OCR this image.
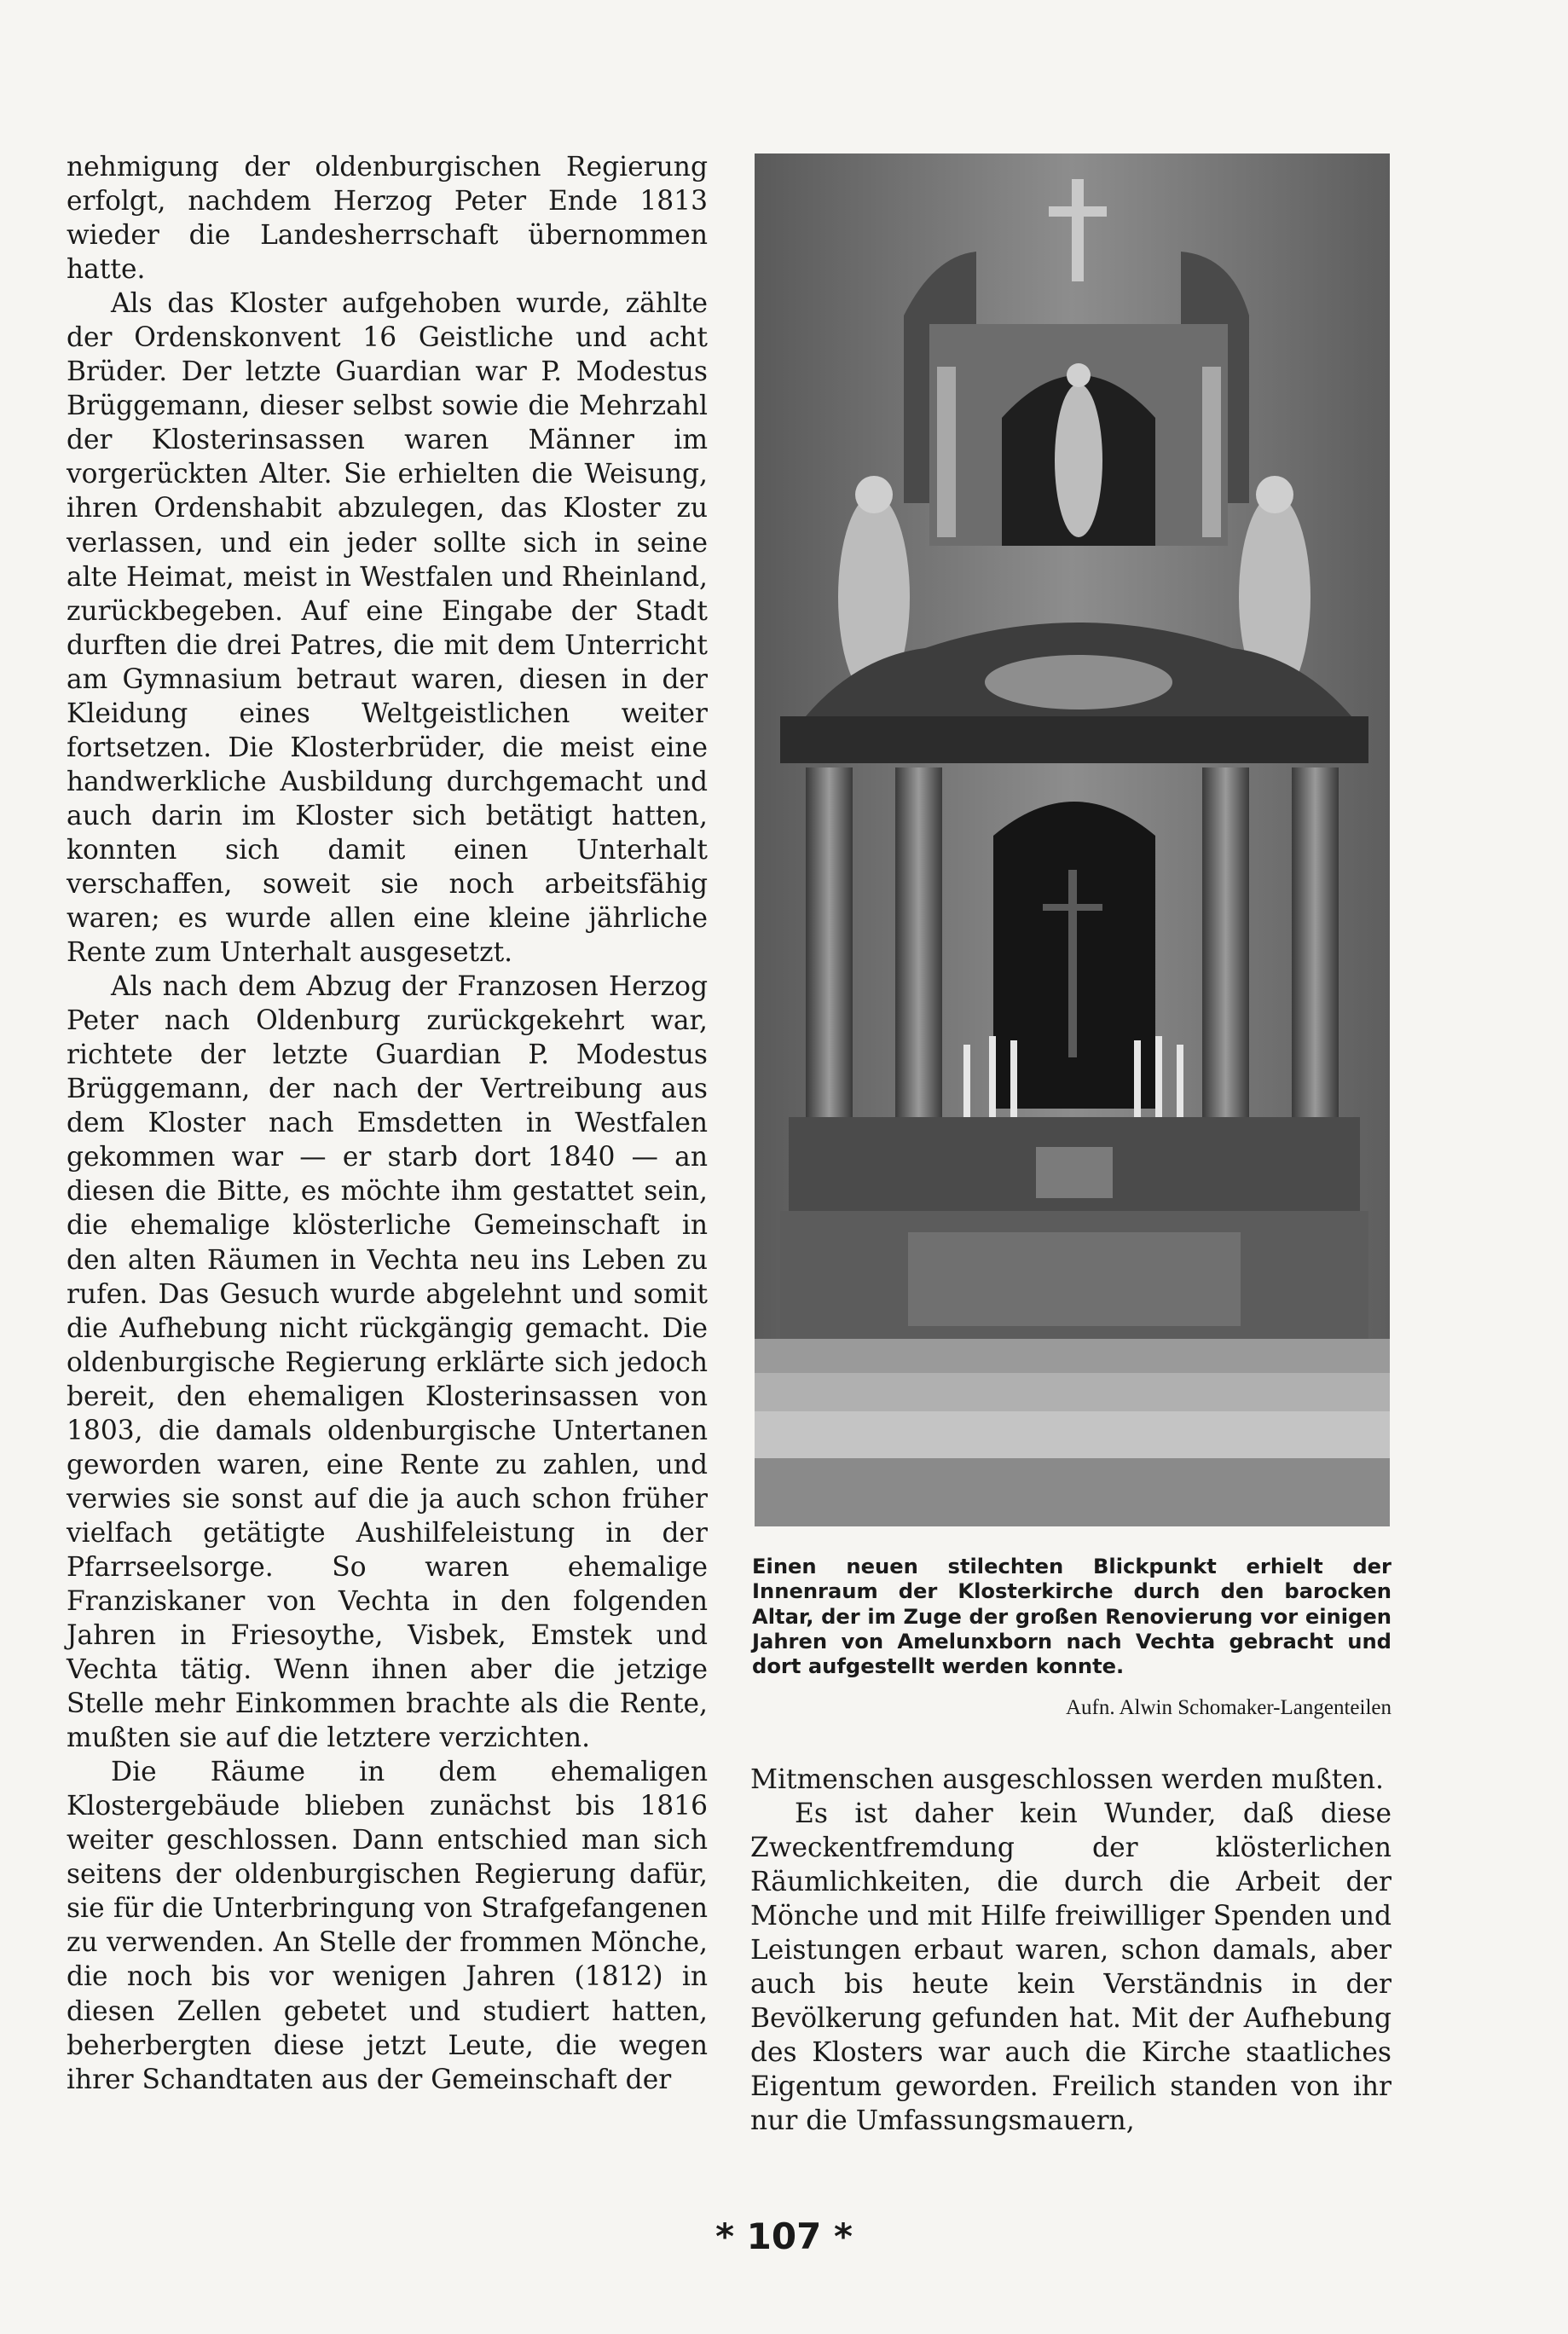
nehmigung der oldenburgischen Regierung erfolgt, nachdem Herzog Peter Ende 1813 wieder die Landesherrschaft übernommen hatte.

Als das Kloster aufgehoben wurde, zählte der Ordenskonvent 16 Geistliche und acht Brüder. Der letzte Guardian war P. Modestus Brüggemann, dieser selbst sowie die Mehrzahl der Klosterinsassen waren Männer im vorgerückten Alter. Sie erhielten die Weisung, ihren Ordenshabit abzulegen, das Kloster zu verlassen, und ein jeder sollte sich in seine alte Heimat, meist in Westfalen und Rheinland, zurückbegeben. Auf eine Eingabe der Stadt durften die drei Patres, die mit dem Unterricht am Gymnasium betraut waren, diesen in der Kleidung eines Weltgeistlichen weiter fortsetzen. Die Klosterbrüder, die meist eine handwerkliche Ausbildung durchgemacht und auch darin im Kloster sich betätigt hatten, konnten sich damit einen Unterhalt verschaffen, soweit sie noch arbeitsfähig waren; es wurde allen eine kleine jährliche Rente zum Unterhalt ausgesetzt.

Als nach dem Abzug der Franzosen Herzog Peter nach Oldenburg zurückgekehrt war, richtete der letzte Guardian P. Modestus Brüggemann, der nach der Vertreibung aus dem Kloster nach Emsdetten in Westfalen gekommen war — er starb dort 1840 — an diesen die Bitte, es möchte ihm gestattet sein, die ehemalige klösterliche Gemeinschaft in den alten Räumen in Vechta neu ins Leben zu rufen. Das Gesuch wurde abgelehnt und somit die Aufhebung nicht rückgängig gemacht. Die oldenburgische Regierung erklärte sich jedoch bereit, den ehemaligen Klosterinsassen von 1803, die damals oldenburgische Untertanen geworden waren, eine Rente zu zahlen, und verwies sie sonst auf die ja auch schon früher vielfach getätigte Aushilfeleistung in der Pfarrseelsorge. So waren ehemalige Franziskaner von Vechta in den folgenden Jahren in Friesoythe, Visbek, Emstek und Vechta tätig. Wenn ihnen aber die jetzige Stelle mehr Einkommen brachte als die Rente, mußten sie auf die letztere verzichten.

Die Räume in dem ehemaligen Klostergebäude blieben zunächst bis 1816 weiter geschlossen. Dann entschied man sich seitens der oldenburgischen Regierung dafür, sie für die Unterbringung von Strafgefangenen zu verwenden. An Stelle der frommen Mönche, die noch bis vor wenigen Jahren (1812) in diesen Zellen gebetet und studiert hatten, beherbergten diese jetzt Leute, die wegen ihrer Schandtaten aus der Gemeinschaft der

Einen neuen stilechten Blickpunkt erhielt der Innenraum der Klosterkirche durch den barocken Altar, der im Zuge der großen Renovierung vor einigen Jahren von Amelunxborn nach Vechta gebracht und dort aufgestellt werden konnte.
Aufn. Alwin Schomaker-Langenteilen

Mitmenschen ausgeschlossen werden mußten.

Es ist daher kein Wunder, daß diese Zweckentfremdung der klösterlichen Räumlichkeiten, die durch die Arbeit der Mönche und mit Hilfe freiwilliger Spenden und Leistungen erbaut waren, schon damals, aber auch bis heute kein Verständnis in der Bevölkerung gefunden hat. Mit der Aufhebung des Klosters war auch die Kirche staatliches Eigentum geworden. Freilich standen von ihr nur die Umfassungsmauern,

* 107 *
